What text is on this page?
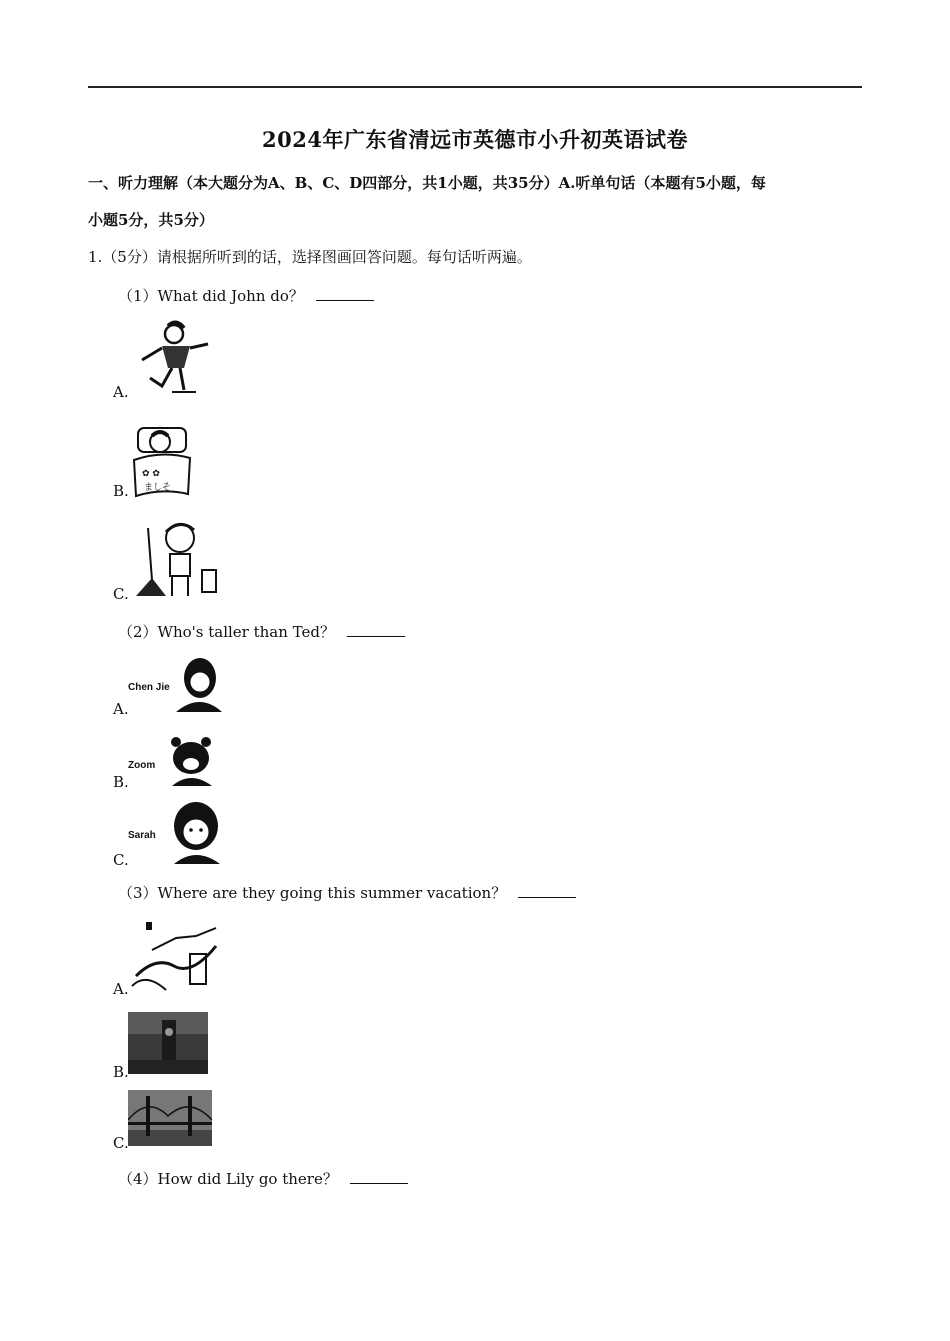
2024年广东省清远市英德市小升初英语试卷
一、听力理解（本大题分为A、B、C、D四部分，共1小题，共35分）A.听单句话（本题有5小题，每
小题5分，共5分）
1.（5分）请根据所听到的话，选择图画回答问题。每句话听两遍。
（1）What did John do？
A.
✿ ✿
ましそ
B.
C.
（2）Who's taller than Ted？
Chen Jie
A.
Zoom
B.
Sarah
C.
（3）Where are they going this summer vacation？
A.
B.
C.
（4）How did Lily go there？
